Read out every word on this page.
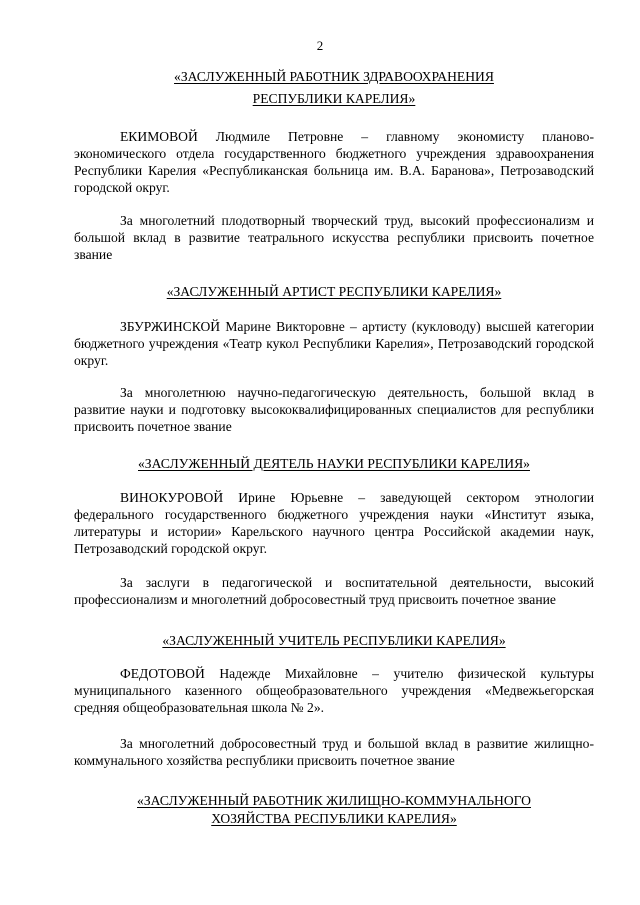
2
«ЗАСЛУЖЕННЫЙ РАБОТНИК ЗДРАВООХРАНЕНИЯ
РЕСПУБЛИКИ КАРЕЛИЯ»

ЕКИМОВОЙ Людмиле Петровне – главному экономисту планово-экономического отдела государственного бюджетного учреждения здравоохранения Республики Карелия «Республиканская больница им. В.А. Баранова», Петрозаводский городской округ.

За многолетний плодотворный творческий труд, высокий профессионализм и большой вклад в развитие театрального искусства республики присвоить почетное звание

«ЗАСЛУЖЕННЫЙ АРТИСТ РЕСПУБЛИКИ КАРЕЛИЯ»

ЗБУРЖИНСКОЙ Марине Викторовне – артисту (кукловоду) высшей категории бюджетного учреждения «Театр кукол Республики Карелия», Петрозаводский городской округ.

За многолетнюю научно-педагогическую деятельность, большой вклад в развитие науки и подготовку высококвалифицированных специалистов для республики присвоить почетное звание

«ЗАСЛУЖЕННЫЙ ДЕЯТЕЛЬ НАУКИ РЕСПУБЛИКИ КАРЕЛИЯ»

ВИНОКУРОВОЙ Ирине Юрьевне – заведующей сектором этнологии федерального государственного бюджетного учреждения науки «Институт языка, литературы и истории» Карельского научного центра Российской академии наук, Петрозаводский городской округ.

За заслуги в педагогической и воспитательной деятельности, высокий профессионализм и многолетний добросовестный труд присвоить почетное звание

«ЗАСЛУЖЕННЫЙ УЧИТЕЛЬ РЕСПУБЛИКИ КАРЕЛИЯ»

ФЕДОТОВОЙ Надежде Михайловне – учителю физической культуры муниципального казенного общеобразовательного учреждения «Медвежьегорская средняя общеобразовательная школа № 2».

За многолетний добросовестный труд и большой вклад в развитие жилищно-коммунального хозяйства республики присвоить почетное звание

«ЗАСЛУЖЕННЫЙ РАБОТНИК ЖИЛИЩНО-КОММУНАЛЬНОГО
ХОЗЯЙСТВА РЕСПУБЛИКИ КАРЕЛИЯ»
